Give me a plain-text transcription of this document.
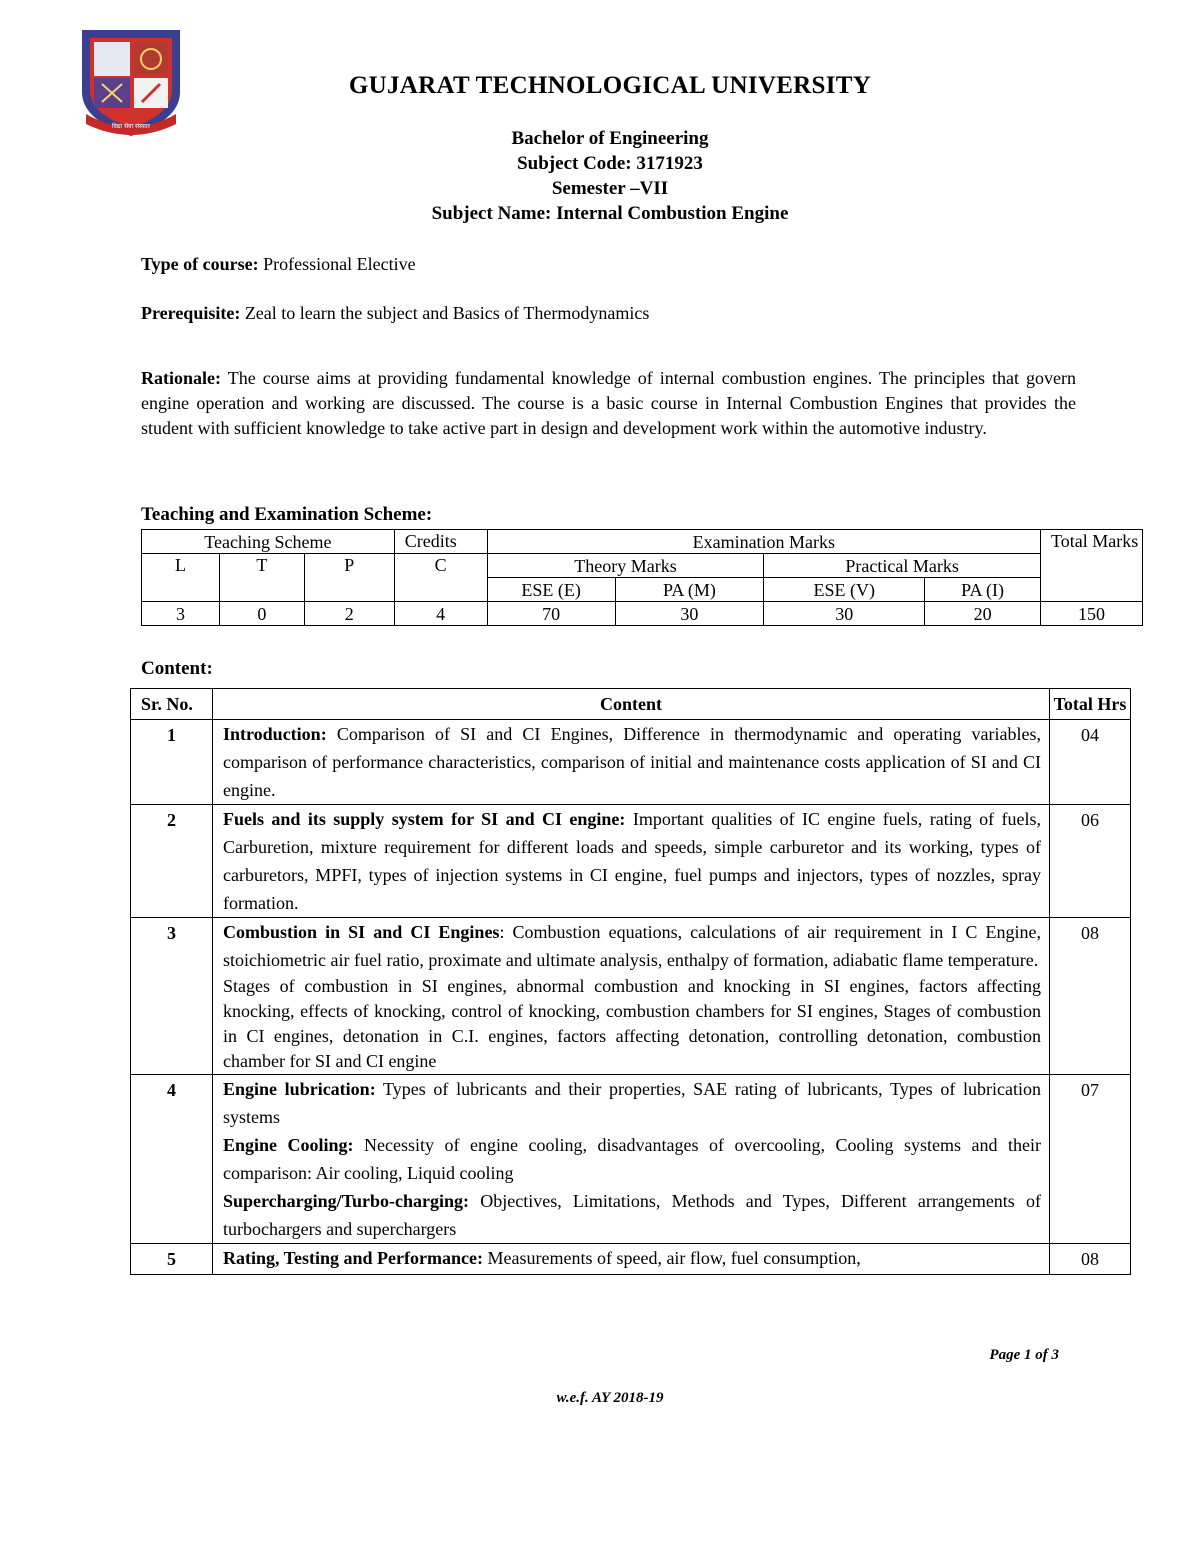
विद्या सेवा संस्कार
GUJARAT TECHNOLOGICAL UNIVERSITY
Bachelor of Engineering
Subject Code: 3171923
Semester –VII
Subject Name: Internal Combustion Engine
Type of course: Professional Elective
Prerequisite: Zeal to learn the subject and Basics of Thermodynamics
Rationale: The course aims at providing fundamental knowledge of internal combustion engines. The principles that govern engine operation and working are discussed. The course is a basic course in Internal Combustion Engines that provides the student with sufficient knowledge to take active part in design and development work within the automotive industry.
Teaching and Examination Scheme:
Teaching Scheme			Credits	Examination Marks				Total Marks
L	T	P	C	Theory Marks		Practical Marks		
				ESE (E)	PA (M)	ESE (V)	PA (I)	
3	0	2	4	70	30	30	20	150
Content:
Sr. No.	Content	Total Hrs
1	Introduction: Comparison of SI and CI Engines, Difference in thermodynamic and operating variables, comparison of performance characteristics, comparison of initial and maintenance costs application of SI and CI engine.	04
2	Fuels and its supply system for SI and CI engine: Important qualities of IC engine fuels, rating of fuels, Carburetion, mixture requirement for different loads and speeds, simple carburetor and its working, types of carburetors, MPFI, types of injection systems in CI engine, fuel pumps and injectors, types of nozzles, spray formation.	06
3	Combustion in SI and CI Engines: Combustion equations, calculations of air requirement in I C Engine, stoichiometric air fuel ratio, proximate and ultimate analysis, enthalpy of formation, adiabatic flame temperature.

Stages of combustion in SI engines, abnormal combustion and knocking in SI engines, factors affecting knocking, effects of knocking, control of knocking, combustion chambers for SI engines, Stages of combustion in CI engines, detonation in C.I. engines, factors affecting detonation, controlling detonation, combustion chamber for SI and CI engine	08
4	Engine lubrication: Types of lubricants and their properties, SAE rating of lubricants, Types of lubrication systems

Engine Cooling: Necessity of engine cooling, disadvantages of overcooling, Cooling systems and their comparison: Air cooling, Liquid cooling

Supercharging/Turbo-charging: Objectives, Limitations, Methods and Types, Different arrangements of turbochargers and superchargers	07
5	Rating, Testing and Performance: Measurements of speed, air flow, fuel consumption,	08
Page 1 of 3
w.e.f. AY 2018-19
